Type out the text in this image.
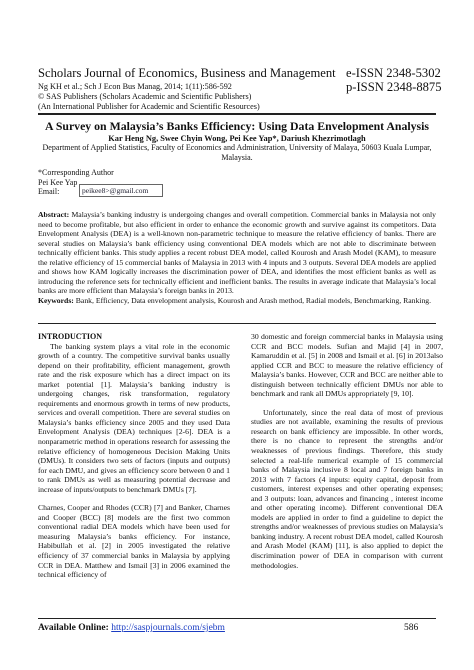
Scholars Journal of Economics, Business and Management e-ISSN 2348-5302
p-ISSN 2348-8875
Ng KH et al.; Sch J Econ Bus Manag, 2014; 1(11):586-592
© SAS Publishers (Scholars Academic and Scientific Publishers)
(An International Publisher for Academic and Scientific Resources)
A Survey on Malaysia’s Banks Efficiency: Using Data Envelopment Analysis
Kar Heng Ng, Swee Chyin Wong, Pei Kee Yap*, Dariush Khezrimotlagh
Department of Applied Statistics, Faculty of Economics and Administration, University of Malaya, 50603 Kuala Lumpar, Malaysia.
*Corresponding Author
Pei Kee Yap
Email:	peikee8>@gmail.com
Abstract: Malaysia’s banking industry is undergoing changes and overall competition. Commercial banks in Malaysia not only need to become profitable, but also efficient in order to enhance the economic growth and survive against its competitors. Data Envelopment Analysis (DEA) is a well-known non-parametric technique to measure the relative efficiency of banks. There are several studies on Malaysia’s bank efficiency using conventional DEA models which are not able to discriminate between technically efficient banks. This study applies a recent robust DEA model, called Kourosh and Arash Model (KAM), to measure the relative efficiency of 15 commercial banks of Malaysia in 2013 with 4 inputs and 3 outputs. Several DEA models are applied and shows how KAM logically increases the discrimination power of DEA, and identifies the most efficient banks as well as introducing the reference sets for technically efficient and inefficient banks. The results in average indicate that Malaysia’s local banks are more efficient than Malaysia’s foreign banks in 2013.
Keywords: Bank, Efficiency, Data envelopment analysis, Kourosh and Arash method, Radial models, Benchmarking, Ranking.
INTRODUCTION

The banking system plays a vital role in the economic growth of a country. The competitive survival banks usually depend on their profitability, efficient management, growth rate and the risk exposure which has a direct impact on its market potential [1]. Malaysia’s banking industry is undergoing changes, risk transformation, regulatory requirements and enormous growth in terms of new products, services and overall competition. There are several studies on Malaysia’s banks efficiency since 2005 and they used Data Envelopment Analysis (DEA) techniques [2-6]. DEA is a nonparametric method in operations research for assessing the relative efficiency of homogeneous Decision Making Units (DMUs). It considers two sets of factors (inputs and outputs) for each DMU, and gives an efficiency score between 0 and 1 to rank DMUs as well as measuring potential decrease and increase of inputs/outputs to benchmark DMUs [7].

Charnes, Cooper and Rhodes (CCR) [7] and Banker, Charnes and Cooper (BCC) [8] models are the first two common conventional radial DEA models which have been used for measuring Malaysia’s banks efficiency. For instance, Habibullah et al. [2] in 2005 investigated the relative efficiency of 37 commercial banks in Malaysia by applying CCR in DEA. Matthew and Ismail [3] in 2006 examined the technical efficiency of

30 domestic and foreign commercial banks in Malaysia using CCR and BCC models. Sufian and Majid [4] in 2007, Kamaruddin et al. [5] in 2008 and Ismail et al. [6] in 2013also applied CCR and BCC to measure the relative efficiency of Malaysia’s banks. However, CCR and BCC are neither able to distinguish between technically efficient DMUs nor able to benchmark and rank all DMUs appropriately [9, 10].

Unfortunately, since the real data of most of previous studies are not available, examining the results of previous research on bank efficiency are impossible. In other words, there is no chance to represent the strengths and/or weaknesses of previous findings. Therefore, this study selected a real-life numerical example of 15 commercial banks of Malaysia inclusive 8 local and 7 foreign banks in 2013 with 7 factors (4 inputs: equity capital, deposit from customers, interest expenses and other operating expenses; and 3 outputs: loan, advances and financing , interest income and other operating income). Different conventional DEA models are applied in order to find a guideline to depict the strengths and/or weaknesses of previous studies on Malaysia’s banking industry. A recent robust DEA model, called Kourosh and Arash Model (KAM) [11], is also applied to depict the discrimination power of DEA in comparison with current methodologies.

Available Online: http://saspjournals.com/sjebm	586
